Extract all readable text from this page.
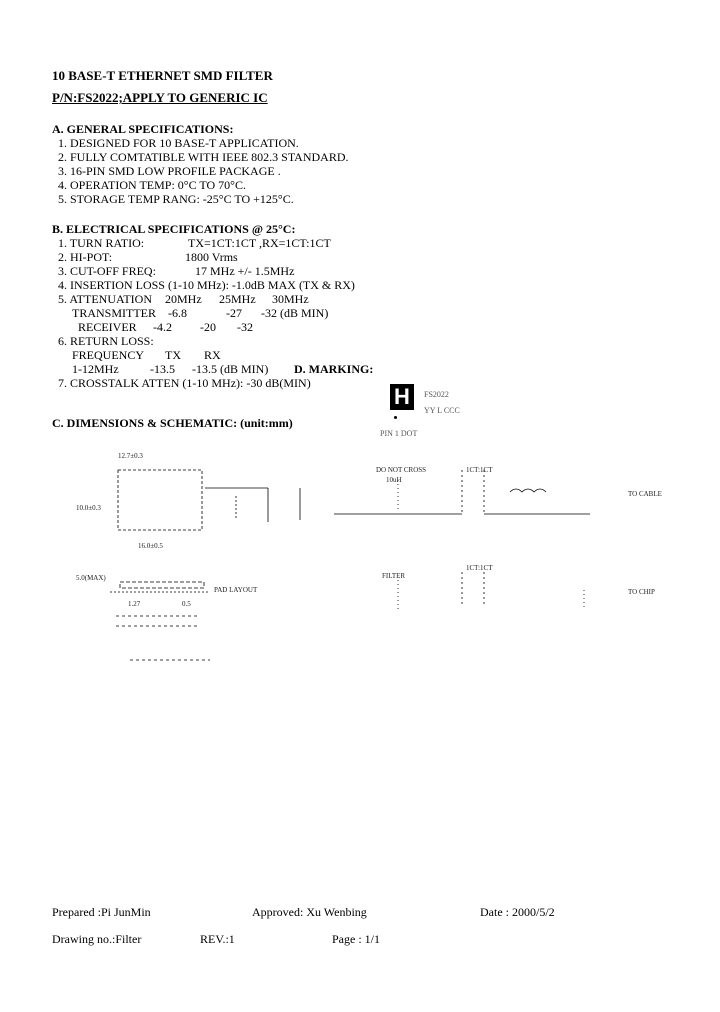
10 BASE-T ETHERNET SMD FILTER
P/N:FS2022;APPLY TO GENERIC IC
A. GENERAL SPECIFICATIONS:
1. DESIGNED FOR 10 BASE-T APPLICATION.
2. FULLY COMTATIBLE WITH IEEE 802.3 STANDARD.
3. 16-PIN SMD LOW PROFILE PACKAGE .
4. OPERATION TEMP: 0°C TO 70°C.
5. STORAGE TEMP RANG: -25°C TO +125°C.
B. ELECTRICAL SPECIFICATIONS @ 25°C:
1. TURN RATIO:	TX=1CT:1CT ,RX=1CT:1CT
2. HI-POT:	1800 Vrms
3. CUT-OFF FREQ:	17 MHz +/- 1.5MHz
4. INSERTION LOSS (1-10 MHz): -1.0dB MAX (TX & RX)
5. ATTENUATION 20MHz 25MHz 30MHz
TRANSMITTER -6.8	-27 -32 (dB MIN)
RECEIVER -4.2 -20 -32
6. RETURN LOSS:
FREQUENCY TX RX
1-12MHz	-13.5 -13.5 (dB MIN)
7. CROSSTALK ATTEN (1-10 MHz): -30 dB(MIN)
D. MARKING:
H	FS2022
YY L CCC
PIN 1 DOT
C. DIMENSIONS & SCHEMATIC: (unit:mm)
12.7±0.3
10.0±0.3
16.0±0.5
5.0(MAX)
1.27	0.5
PAD LAYOUT
DO NOT CROSS	1CT:1CT
10uH
FILTER
1CT:1CT
TO CABLE
TO CHIP
Prepared :Pi JunMin	Approved: Xu Wenbing	Date : 2000/5/2
Drawing no.:Filter	REV.:1	Page : 1/1
